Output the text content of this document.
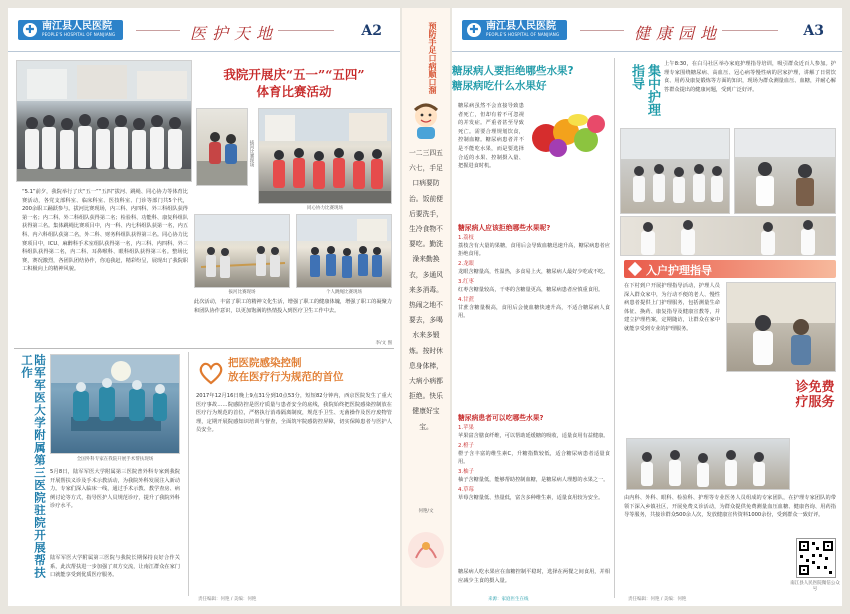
✚ 南江县人民医院
PEOPLE'S HOSPITAL OF NANJIANG	医护天地	A2
我院开展庆“五一”“五四”
体育比赛活动
拔河比赛现场
同心协力比赛现场
“5.1”前夕，我院举行了庆“五一”“五四”拔河、跳绳、同心协力等体育比赛活动，各党支部科室、临床科室、医技科室、门诊等部门共5个代，200余职工踊跃参与。拔河比赛现场，内三科、内四科、外三科组队获得第一名；内二科、外二科组队获得第二名；检验科、功能科、康复科组队获得第三名。集体跳绳比赛项目中，内一科、内七科组队获第一名，内五科、内六科组队获第二名，外二科、财务科组队获得第三名。同心协力比赛项目中，ICU、麻醉科手术室组队获得第一名，内三科、内四科、外三科组队获得第二名，内二科、耳鼻喉科、眼科组队获得第三名。整场比赛，赛况激烈，各团队团结协作，你追我赶，精彩纷呈，展现出了我院职工积极向上的精神风貌。
拔河比赛现场	个人跳绳比赛现场
此次活动，丰富了职工的精神文化生活，增强了职工的健康体魄，增强了职工的凝聚力和团队协作意识，以更加饱满的热情投入到医疗卫生工作中去。
李/文 图
陆军军医大学附属第三医院驻院开展帮扶工作
全国外科专家在我院开展手术帮扶现场
5月8日，陆军军医大学附属第三医院普外科专家到我院开展帮扶义诊及手术示教活动，为我院外科发展注入新动力。专家们深入临床一线，通过手术示教、教学查房、病例讨论等方式，指导医护人员规范诊疗，提升了我院外科诊疗水平。
陆军军医大学附属第三医院与我院长期保持良好合作关系，此次帮扶进一步加强了双方交流，让南江群众在家门口就能享受到优质医疗服务。
把医院感染控制
放在医疗行为规范的首位
2017年12月16日晚上9点31分到10点53分，短短82分钟内，西京医院发生了重大医疗事故……院感防控是医疗质量与患者安全的底线，我院始终把医院感染控制放在医疗行为规范的首位，严格执行消毒隔离制度，规范手卫生、无菌操作及医疗废物管理，定期开展院感知识培训与督查，全面筑牢院感防控屏障，切实保障患者与医护人员安全。
责任编辑：何艳 / 美编：何艳
预防手足口病顺口溜
一二三四五六七，手足口病要防治。饭前便后要洗手，生冷食物不要吃。勤洗澡来勤换衣，多通风来多消毒。热闹之地不要去，多喝水来多锻炼。按时休息身体棒，大病小病都拒绝。快乐健康好宝宝。
何艳/文
✚ 南江县人民医院
PEOPLE'S HOSPITAL OF NANJIANG	健康园地	A3
糖尿病人要拒绝哪些水果?
糖尿病吃什么水果好
糖尿病虽然不会直接导致患者死亡，但却有着不可忽视的并发症。严重者甚至导致死亡。需要合理规划饮食，控制血糖。糖尿病患者并不是不能吃水果，而是要选择合适的水果、控制摄入量、把握进食时机。
糖尿病人应该拒绝哪些水果呢?
1.荔枝
荔枝含有大量的果糖，食用后会导致血糖迅速升高，糖尿病患者应拒绝食用。
2.龙眼
龙眼含糖量高，性温热，多食易上火，糖尿病人最好少吃或不吃。
3.红枣
红枣含糖量较高，干枣的含糖量更高，糖尿病患者应慎重食用。
4.甘蔗
甘蔗含糖量极高，食用后会使血糖快速升高，不适合糖尿病人食用。
糖尿病患者可以吃哪些水果?
1.苹果
苹果富含膳食纤维，可以帮助延缓糖的吸收，适量食用有益健康。
2.橙子
橙子含丰富的维生素C，升糖指数较低，适合糖尿病患者适量食用。
3.柚子
柚子含糖量低，能够帮助控制血糖，是糖尿病人理想的水果之一。
4.草莓
草莓含糖量低、热量低，富含多种维生素，适量食用较为安全。
糖尿病人吃水果应在血糖控制平稳时，选择在两餐之间食用，并相应减少主食的摄入量。
来源：家庭医生在线
集中护理指导	上午8:30，在白马社区举办家庭护理指导培训，吸引群众近百人参加。护理专家围绕糖尿病、高血压、冠心病等慢性病的居家护理，讲解了日常饮食、用药及康复锻炼等方面的知识，现场为群众测量血压、血糖，并耐心解答群众提出的健康问题，受到广泛好评。
入户护理指导
在下村到户开展护理指导活动，护理人员深入群众家中，为行动不便的老人、慢性病患者提供上门护理服务，包括测量生命体征、换药、康复指导及健康宣教等，并建立护理档案，定期随访，让群众在家中就能享受到专业的护理服务。
诊免费疗服务
由内科、外科、眼科、检验科、护理等专业医务人员组成的专家团队，在护理专家团队的带领下深入乡镇社区，开展免费义诊活动，为群众提供免费测量血压血糖、健康咨询、用药指导等服务，共接诊群众500余人次，发放健康宣传资料1000余份，受到群众一致好评。
南江县人民医院微信公众号
责任编辑：何艳 / 美编：何艳
